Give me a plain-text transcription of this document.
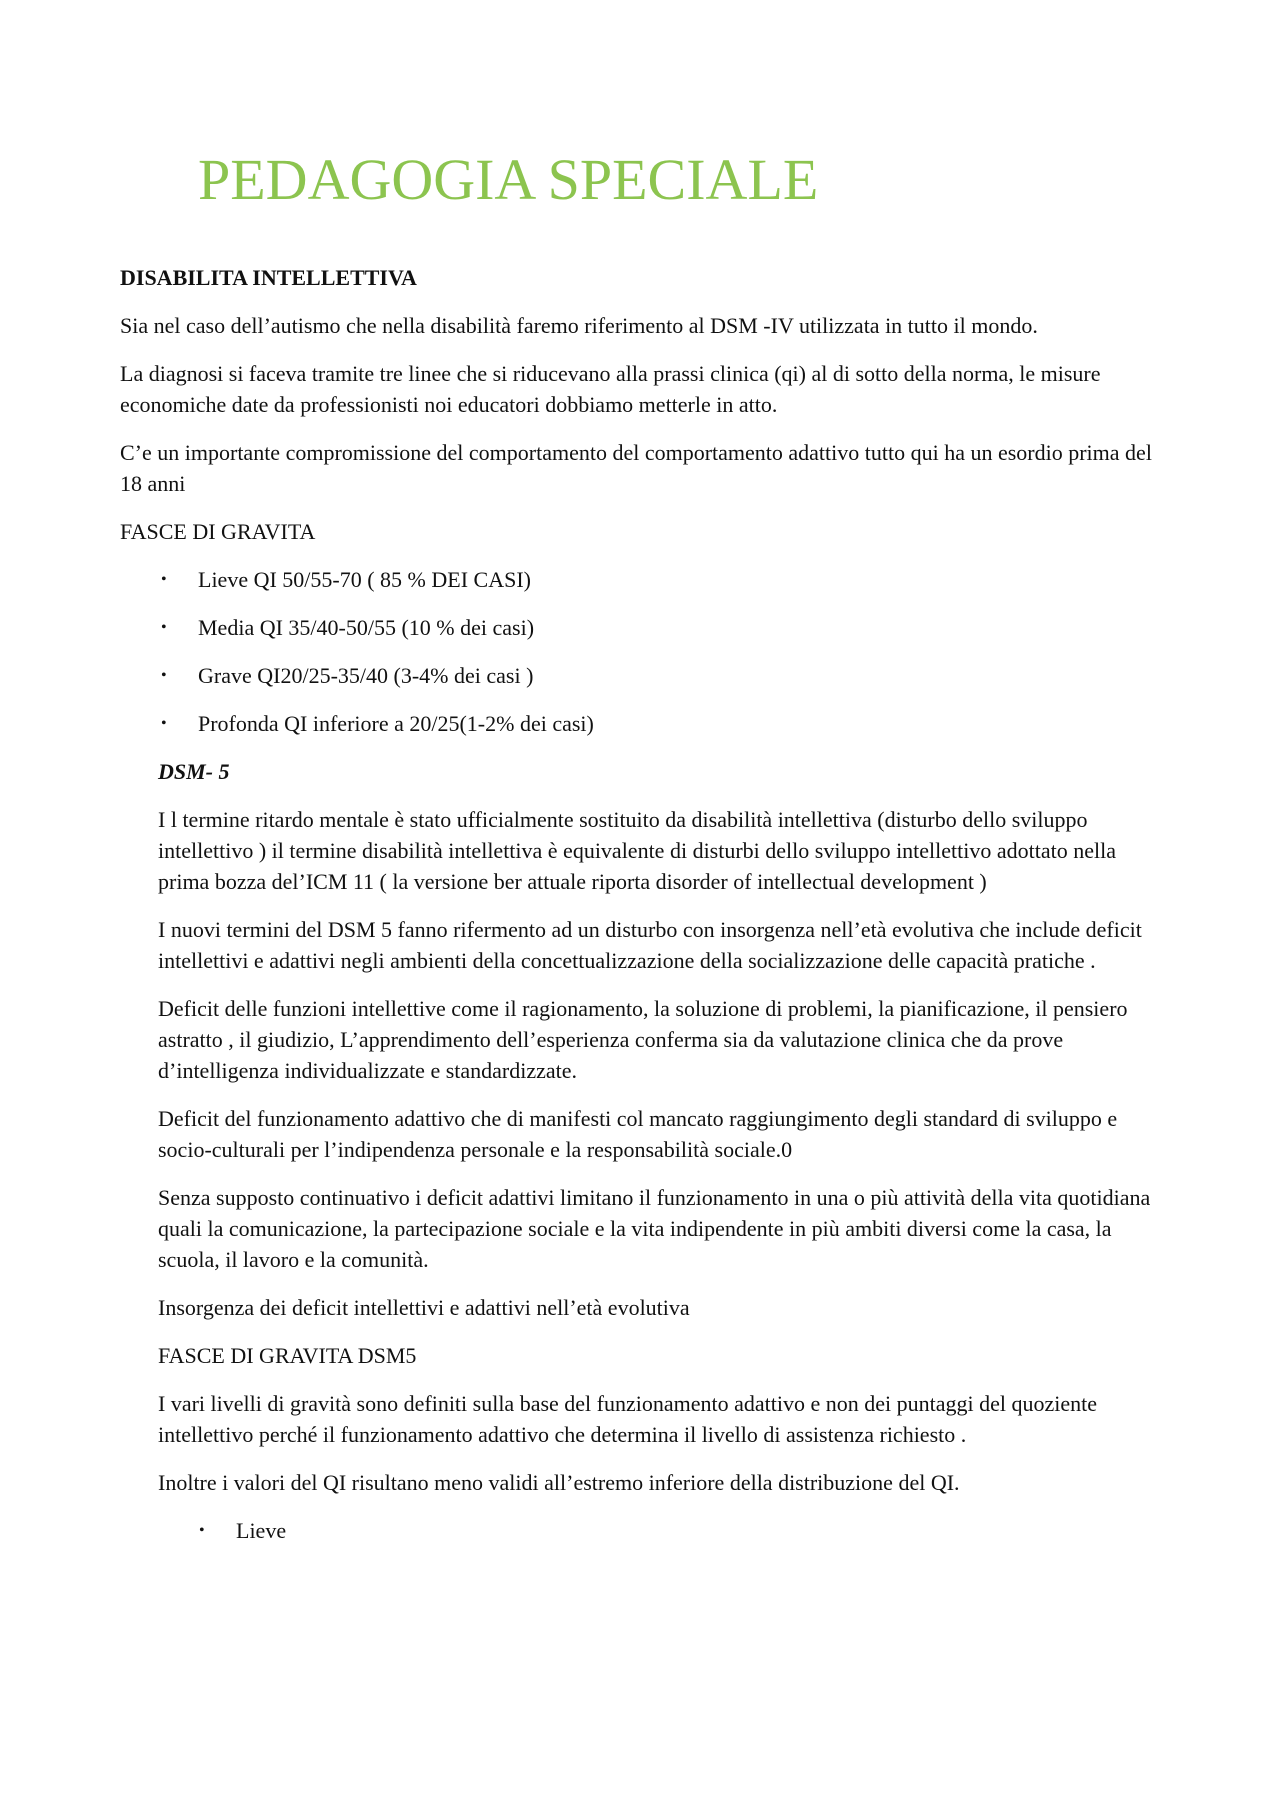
PEDAGOGIA SPECIALE

DISABILITA INTELLETTIVA

Sia nel caso dell’autismo che nella disabilità faremo riferimento al DSM -IV utilizzata in tutto il mondo.

La diagnosi si faceva tramite tre linee che si riducevano alla prassi clinica (qi) al di sotto della norma, le misure economiche date da professionisti noi educatori dobbiamo metterle in atto.

C’e un importante compromissione del comportamento del comportamento adattivo tutto qui ha un esordio prima del 18 anni

FASCE DI GRAVITA

• Lieve QI 50/55-70 ( 85 % DEI CASI)
• Media QI 35/40-50/55 (10 % dei casi)
• Grave QI20/25-35/40 (3-4% dei casi )
• Profonda QI inferiore a 20/25(1-2% dei casi)

DSM- 5

I l termine ritardo mentale è stato ufficialmente sostituito da disabilità intellettiva (disturbo dello sviluppo intellettivo ) il termine disabilità intellettiva è equivalente di disturbi dello sviluppo intellettivo adottato nella prima bozza del’ICM 11 ( la versione ber attuale riporta disorder of intellectual development )

I nuovi termini del DSM 5 fanno rifermento ad un disturbo con insorgenza nell’età evolutiva che include deficit intellettivi e adattivi negli ambienti della concettualizzazione della socializzazione delle capacità pratiche .

Deficit delle funzioni intellettive come il ragionamento, la soluzione di problemi, la pianificazione, il pensiero astratto , il giudizio, L’apprendimento dell’esperienza conferma sia da valutazione clinica che da prove d’intelligenza individualizzate e standardizzate.

Deficit del funzionamento adattivo che di manifesti col mancato raggiungimento degli standard di sviluppo e socio-culturali per l’indipendenza personale e la responsabilità sociale.0

Senza supposto continuativo i deficit adattivi limitano il funzionamento in una o più attività della vita quotidiana quali la comunicazione, la partecipazione sociale e la vita indipendente in più ambiti diversi come la casa, la scuola, il lavoro e la comunità.

Insorgenza dei deficit intellettivi e adattivi nell’età evolutiva

FASCE DI GRAVITA DSM5

I vari livelli di gravità sono definiti sulla base del funzionamento adattivo e non dei puntaggi del quoziente intellettivo perché il funzionamento adattivo che determina il livello di assistenza richiesto .

Inoltre i valori del QI risultano meno validi all’estremo inferiore della distribuzione del QI.

• Lieve
